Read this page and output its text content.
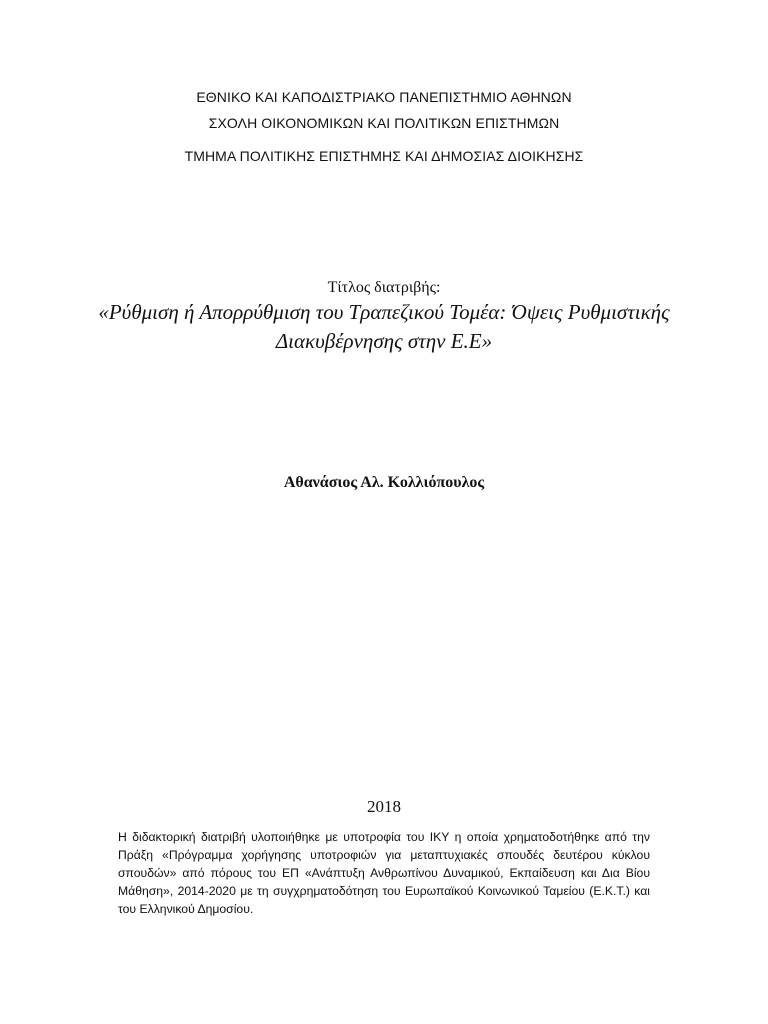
ΕΘΝΙΚΟ ΚΑΙ ΚΑΠΟΔΙΣΤΡΙΑΚΟ ΠΑΝΕΠΙΣΤΗΜΙΟ ΑΘΗΝΩΝ
ΣΧΟΛΗ ΟΙΚΟΝΟΜΙΚΩΝ ΚΑΙ ΠΟΛΙΤΙΚΩΝ ΕΠΙΣΤΗΜΩΝ
ΤΜΗΜΑ ΠΟΛΙΤΙΚΗΣ ΕΠΙΣΤΗΜΗΣ ΚΑΙ ΔΗΜΟΣΙΑΣ ΔΙΟΙΚΗΣΗΣ
Τίτλος διατριβής:
«Ρύθμιση ή Απορρύθμιση του Τραπεζικού Τομέα: Όψεις Ρυθμιστικής Διακυβέρνησης στην Ε.Ε»
Αθανάσιος Αλ. Κολλιόπουλος
2018
Η διδακτορική διατριβή υλοποιήθηκε με υποτροφία του ΙΚΥ η οποία χρηματοδοτήθηκε από την Πράξη «Πρόγραμμα χορήγησης υποτροφιών για μεταπτυχιακές σπουδές δευτέρου κύκλου σπουδών» από πόρους του ΕΠ «Ανάπτυξη Ανθρωπίνου Δυναμικού, Εκπαίδευση και Δια Βίου Μάθηση», 2014-2020 με τη συγχρηματοδότηση του Ευρωπαϊκού Κοινωνικού Ταμείου (Ε.Κ.Τ.) και του Ελληνικού Δημοσίου.
